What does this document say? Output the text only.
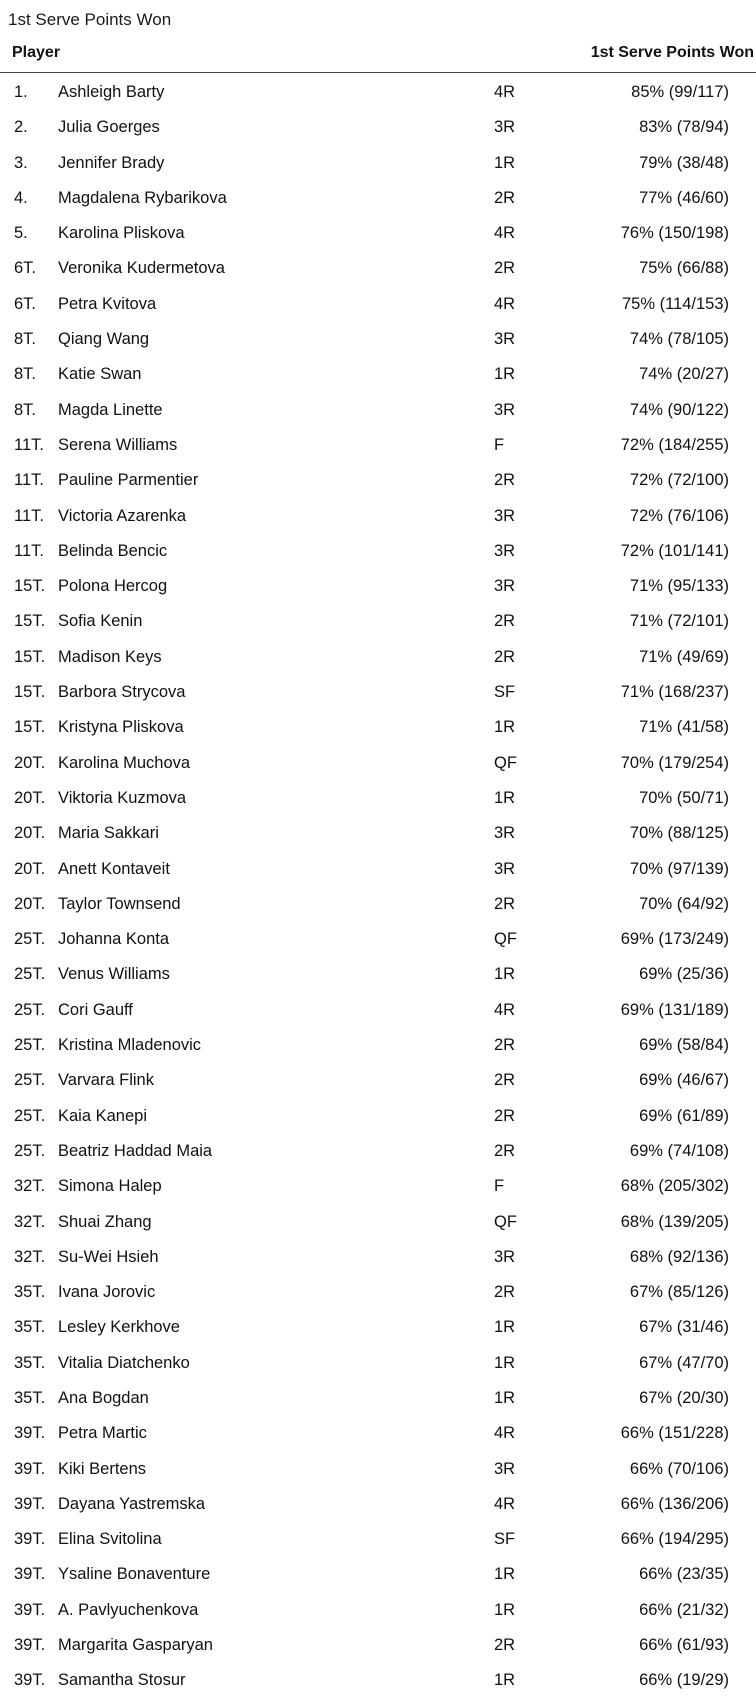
1st Serve Points Won
Player	1st Serve Points Won
1. Ashleigh Barty	4R	85% (99/117)
2. Julia Goerges	3R	83% (78/94)
3. Jennifer Brady	1R	79% (38/48)
4. Magdalena Rybarikova	2R	77% (46/60)
5. Karolina Pliskova	4R	76% (150/198)
6T. Veronika Kudermetova	2R	75% (66/88)
6T. Petra Kvitova	4R	75% (114/153)
8T. Qiang Wang	3R	74% (78/105)
8T. Katie Swan	1R	74% (20/27)
8T. Magda Linette	3R	74% (90/122)
11T. Serena Williams	F	72% (184/255)
11T. Pauline Parmentier	2R	72% (72/100)
11T. Victoria Azarenka	3R	72% (76/106)
11T. Belinda Bencic	3R	72% (101/141)
15T. Polona Hercog	3R	71% (95/133)
15T. Sofia Kenin	2R	71% (72/101)
15T. Madison Keys	2R	71% (49/69)
15T. Barbora Strycova	SF	71% (168/237)
15T. Kristyna Pliskova	1R	71% (41/58)
20T. Karolina Muchova	QF	70% (179/254)
20T. Viktoria Kuzmova	1R	70% (50/71)
20T. Maria Sakkari	3R	70% (88/125)
20T. Anett Kontaveit	3R	70% (97/139)
20T. Taylor Townsend	2R	70% (64/92)
25T. Johanna Konta	QF	69% (173/249)
25T. Venus Williams	1R	69% (25/36)
25T. Cori Gauff	4R	69% (131/189)
25T. Kristina Mladenovic	2R	69% (58/84)
25T. Varvara Flink	2R	69% (46/67)
25T. Kaia Kanepi	2R	69% (61/89)
25T. Beatriz Haddad Maia	2R	69% (74/108)
32T. Simona Halep	F	68% (205/302)
32T. Shuai Zhang	QF	68% (139/205)
32T. Su-Wei Hsieh	3R	68% (92/136)
35T. Ivana Jorovic	2R	67% (85/126)
35T. Lesley Kerkhove	1R	67% (31/46)
35T. Vitalia Diatchenko	1R	67% (47/70)
35T. Ana Bogdan	1R	67% (20/30)
39T. Petra Martic	4R	66% (151/228)
39T. Kiki Bertens	3R	66% (70/106)
39T. Dayana Yastremska	4R	66% (136/206)
39T. Elina Svitolina	SF	66% (194/295)
39T. Ysaline Bonaventure	1R	66% (23/35)
39T. A. Pavlyuchenkova	1R	66% (21/32)
39T. Margarita Gasparyan	2R	66% (61/93)
39T. Samantha Stosur	1R	66% (19/29)
